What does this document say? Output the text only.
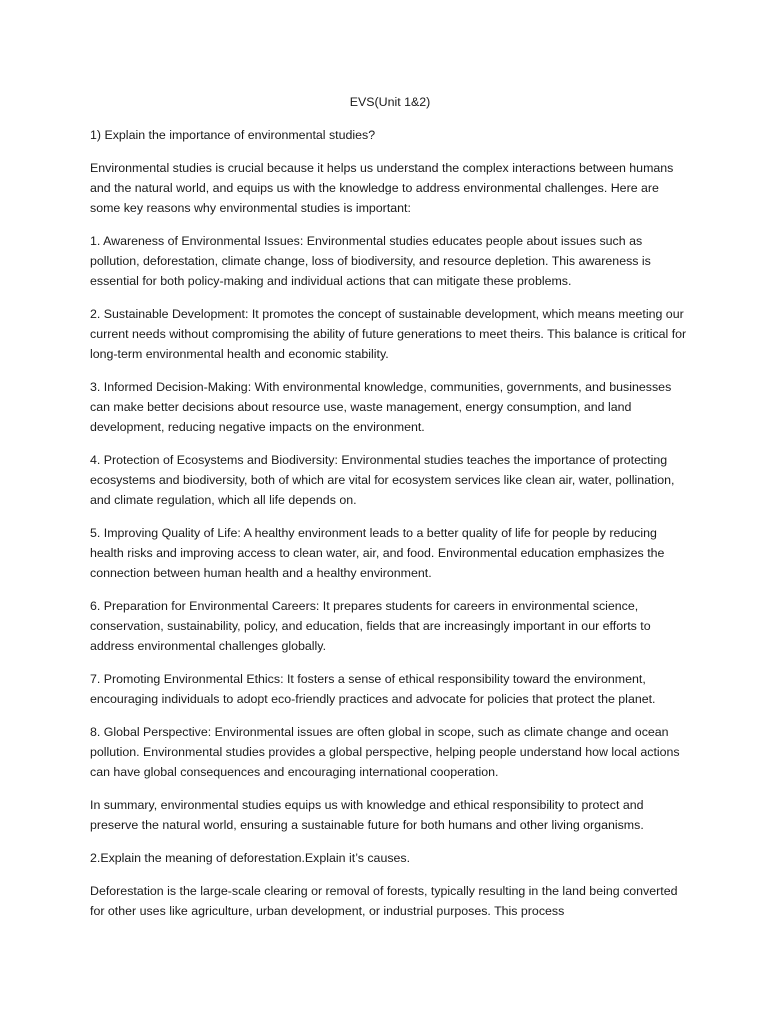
EVS(Unit 1&2)

1) Explain the importance of environmental studies?

Environmental studies is crucial because it helps us understand the complex interactions between humans and the natural world, and equips us with the knowledge to address environmental challenges. Here are some key reasons why environmental studies is important:

1. Awareness of Environmental Issues: Environmental studies educates people about issues such as pollution, deforestation, climate change, loss of biodiversity, and resource depletion. This awareness is essential for both policy-making and individual actions that can mitigate these problems.

2. Sustainable Development: It promotes the concept of sustainable development, which means meeting our current needs without compromising the ability of future generations to meet theirs. This balance is critical for long-term environmental health and economic stability.

3. Informed Decision-Making: With environmental knowledge, communities, governments, and businesses can make better decisions about resource use, waste management, energy consumption, and land development, reducing negative impacts on the environment.

4. Protection of Ecosystems and Biodiversity: Environmental studies teaches the importance of protecting ecosystems and biodiversity, both of which are vital for ecosystem services like clean air, water, pollination, and climate regulation, which all life depends on.

5. Improving Quality of Life: A healthy environment leads to a better quality of life for people by reducing health risks and improving access to clean water, air, and food. Environmental education emphasizes the connection between human health and a healthy environment.

6. Preparation for Environmental Careers: It prepares students for careers in environmental science, conservation, sustainability, policy, and education, fields that are increasingly important in our efforts to address environmental challenges globally.

7. Promoting Environmental Ethics: It fosters a sense of ethical responsibility toward the environment, encouraging individuals to adopt eco-friendly practices and advocate for policies that protect the planet.

8. Global Perspective: Environmental issues are often global in scope, such as climate change and ocean pollution. Environmental studies provides a global perspective, helping people understand how local actions can have global consequences and encouraging international cooperation.

In summary, environmental studies equips us with knowledge and ethical responsibility to protect and preserve the natural world, ensuring a sustainable future for both humans and other living organisms.

2.Explain the meaning of deforestation.Explain it’s causes.

Deforestation is the large-scale clearing or removal of forests, typically resulting in the land being converted for other uses like agriculture, urban development, or industrial purposes. This process
